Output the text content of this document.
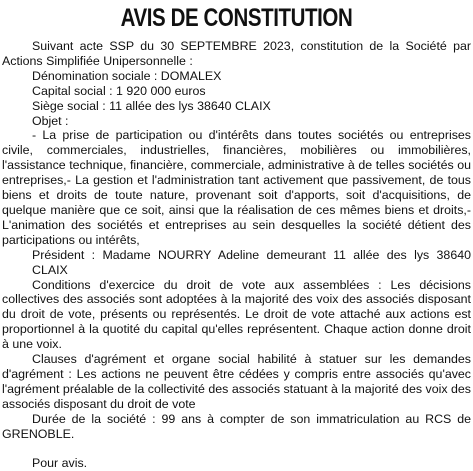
AVIS DE CONSTITUTION

Suivant acte SSP du 30 SEPTEMBRE 2023, constitution de la Société par Actions Simplifiée Unipersonnelle :

Dénomination sociale : DOMALEX

Capital social : 1 920 000 euros

Siège social : 11 allée des lys 38640 CLAIX

Objet :

- La prise de participation ou d'intérêts dans toutes sociétés ou entreprises civile, commerciales, industrielles, financières, mobilières ou immobilières, l'assistance technique, financière, commerciale, administrative à de telles sociétés ou entreprises,- La gestion et l'administration tant activement que passivement, de tous biens et droits de toute nature, provenant soit d'apports, soit d'acquisitions, de quelque manière que ce soit, ainsi que la réalisation de ces mêmes biens et droits,- L'animation des sociétés et entreprises au sein desquelles la société détient des participations ou intérêts,

Président : Madame NOURRY Adeline demeurant 11 allée des lys 38640 CLAIX

Conditions d'exercice du droit de vote aux assemblées : Les décisions collectives des associés sont adoptées à la majorité des voix des associés disposant du droit de vote, présents ou représentés. Le droit de vote attaché aux actions est proportionnel à la quotité du capital qu'elles représentent. Chaque action donne droit à une voix.

Clauses d'agrément et organe social habilité à statuer sur les demandes d'agrément : Les actions ne peuvent être cédées y compris entre associés qu'avec l'agrément préalable de la collectivité des associés statuant à la majorité des voix des associés disposant du droit de vote

Durée de la société : 99 ans à compter de son immatriculation au RCS de GRENOBLE.

Pour avis.
